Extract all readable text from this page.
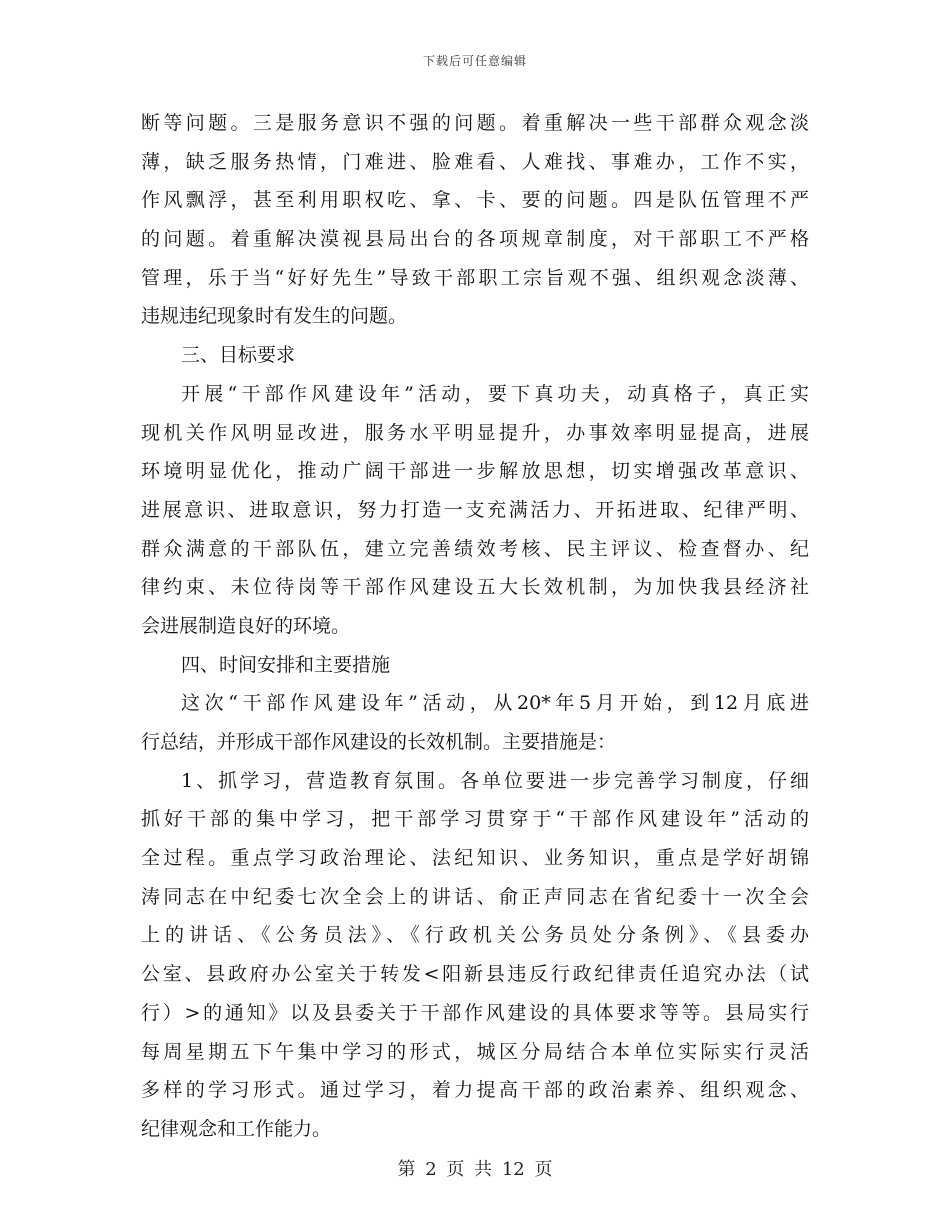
下载后可任意编辑
断等问题。三是服务意识不强的问题。着重解决一些干部群众观念淡
薄，缺乏服务热情，门难进、脸难看、人难找、事难办，工作不实，
作风飘浮，甚至利用职权吃、拿、卡、要的问题。四是队伍管理不严
的问题。着重解决漠视县局出台的各项规章制度，对干部职工不严格
管理，乐于当“好好先生”导致干部职工宗旨观不强、组织观念淡薄、
违规违纪现象时有发生的问题。
三、目标要求
开展“干部作风建设年”活动，要下真功夫，动真格子，真正实
现机关作风明显改进，服务水平明显提升，办事效率明显提高，进展
环境明显优化，推动广阔干部进一步解放思想，切实增强改革意识、
进展意识、进取意识，努力打造一支充满活力、开拓进取、纪律严明、
群众满意的干部队伍，建立完善绩效考核、民主评议、检查督办、纪
律约束、未位待岗等干部作风建设五大长效机制，为加快我县经济社
会进展制造良好的环境。
四、时间安排和主要措施
这次“干部作风建设年”活动，从20*年5月开始，到12月底进
行总结，并形成干部作风建设的长效机制。主要措施是：
1、抓学习，营造教育氛围。各单位要进一步完善学习制度，仔细
抓好干部的集中学习，把干部学习贯穿于“干部作风建设年”活动的
全过程。重点学习政治理论、法纪知识、业务知识，重点是学好胡锦
涛同志在中纪委七次全会上的讲话、俞正声同志在省纪委十一次全会
上的讲话、《公务员法》、《行政机关公务员处分条例》、《县委办
公室、县政府办公室关于转发<阳新县违反行政纪律责任追究办法（试
行）>的通知》以及县委关于干部作风建设的具体要求等等。县局实行
每周星期五下午集中学习的形式，城区分局结合本单位实际实行灵活
多样的学习形式。通过学习，着力提高干部的政治素养、组织观念、
纪律观念和工作能力。
第 2 页 共 12 页
